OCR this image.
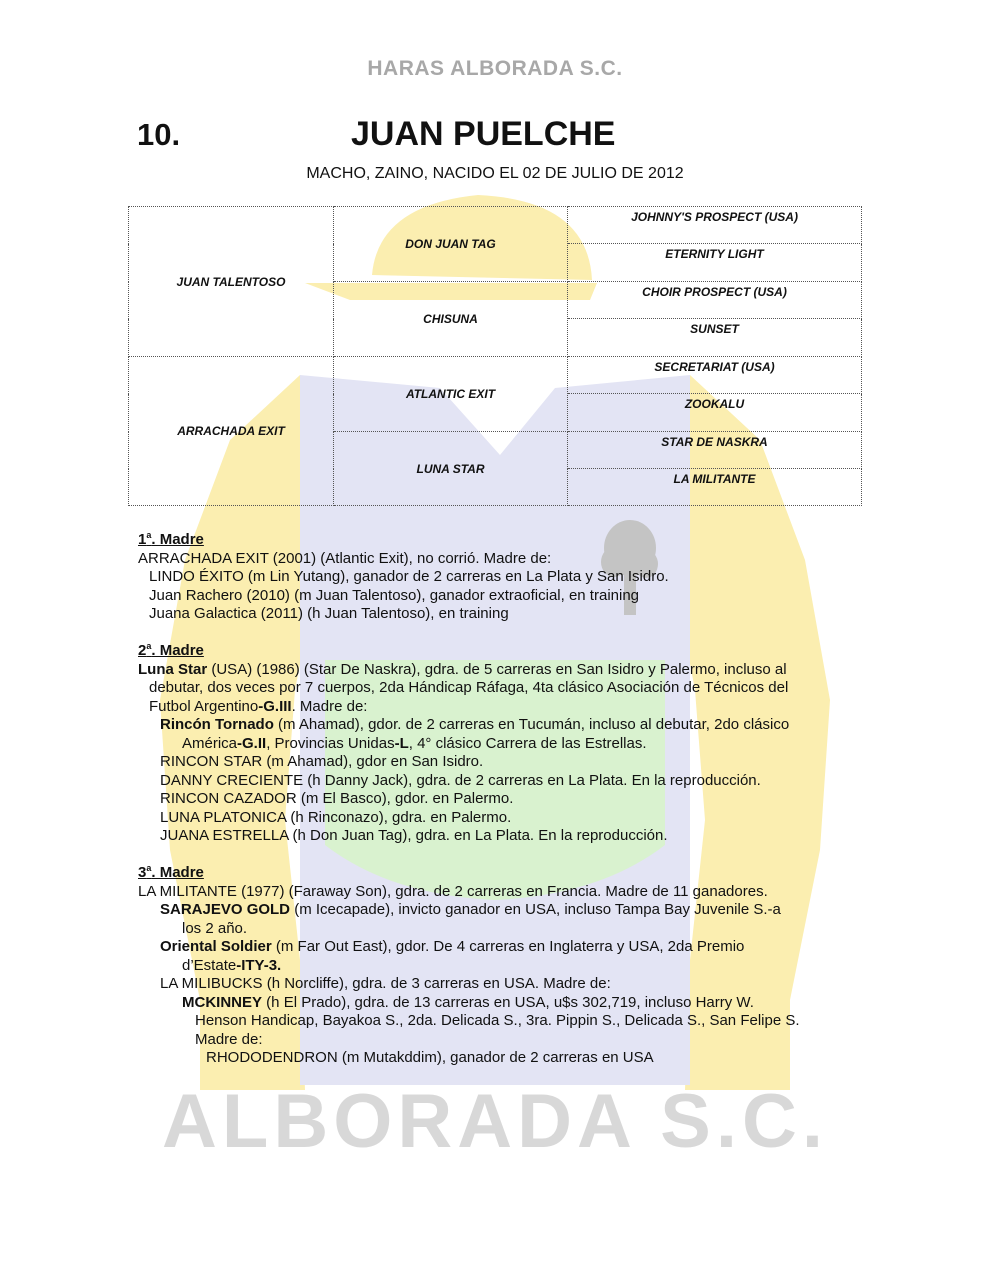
HARAS ALBORADA S.C.
10.	JUAN PUELCHE
MACHO, ZAINO, NACIDO EL 02 DE JULIO DE 2012
JUAN TALENTOSO	DON JUAN TAG	JOHNNY'S PROSPECT (USA)
		ETERNITY LIGHT
	CHISUNA	CHOIR PROSPECT (USA)
		SUNSET
ARRACHADA EXIT	ATLANTIC EXIT	SECRETARIAT (USA)
		ZOOKALU
	LUNA STAR	STAR DE NASKRA
		LA MILITANTE

1$^a$. Madre

ARRACHADA EXIT (2001) (Atlantic Exit), no corrió. Madre de:

LINDO ÉXITO (m Lin Yutang), ganador de 2 carreras en La Plata y San Isidro.

Juan Rachero (2010) (m Juan Talentoso), ganador extraoficial, en training

Juana Galactica (2011) (h Juan Talentoso), en training

2$^a$. Madre

Luna Star (USA) (1986) (Star De Naskra), gdra. de 5 carreras en San Isidro y Palermo, incluso al

debutar, dos veces por 7 cuerpos, 2da Hándicap Ráfaga, 4ta clásico Asociación de Técnicos del

Futbol Argentino-G.III. Madre de:

Rincón Tornado (m Ahamad), gdor. de 2 carreras en Tucumán, incluso al debutar, 2do clásico

América-G.II, Provincias Unidas-L, 4° clásico Carrera de las Estrellas.

RINCON STAR (m Ahamad), gdor en San Isidro.

DANNY CRECIENTE (h Danny Jack), gdra. de 2 carreras en La Plata. En la reproducción.

RINCON CAZADOR (m El Basco), gdor. en Palermo.

LUNA PLATONICA (h Rinconazo), gdra. en Palermo.

JUANA ESTRELLA (h Don Juan Tag), gdra. en La Plata. En la reproducción.

3$^a$. Madre

LA MILITANTE (1977) (Faraway Son), gdra. de 2 carreras en Francia. Madre de 11 ganadores.

SARAJEVO GOLD (m Icecapade), invicto ganador en USA, incluso Tampa Bay Juvenile S.-a

los 2 año.

Oriental Soldier (m Far Out East), gdor. De 4 carreras en Inglaterra y USA, 2da Premio

d’Estate-ITY-3.

LA MILIBUCKS (h Norcliffe), gdra. de 3 carreras en USA. Madre de:

MCKINNEY (h El Prado), gdra. de 13 carreras en USA, u$s 302,719, incluso Harry W.

Henson Handicap, Bayakoa S., 2da. Delicada S., 3ra. Pippin S., Delicada S., San Felipe S.

Madre de:

RHODODENDRON (m Mutakddim), ganador de 2 carreras en USA

ALBORADA S.C.
